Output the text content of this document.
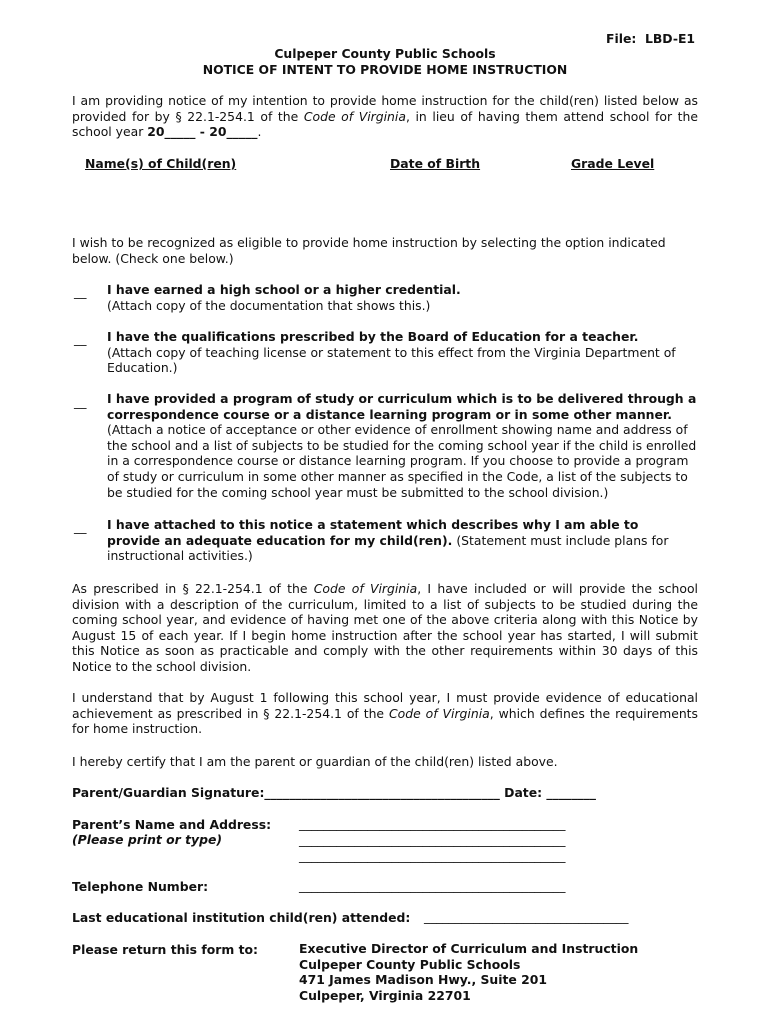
File: LBD-E1
Culpeper County Public Schools
NOTICE OF INTENT TO PROVIDE HOME INSTRUCTION
I am providing notice of my intention to provide home instruction for the child(ren) listed below as provided for by § 22.1-254.1 of the Code of Virginia, in lieu of having them attend school for the school year 20_____ - 20_____.
Name(s) of Child(ren)	Date of Birth	Grade Level
I wish to be recognized as eligible to provide home instruction by selecting the option indicated below. (Check one below.)
__ I have earned a high school or a higher credential.
(Attach copy of the documentation that shows this.)
__ I have the qualifications prescribed by the Board of Education for a teacher.
(Attach copy of teaching license or statement to this effect from the Virginia Department of Education.)
__ I have provided a program of study or curriculum which is to be delivered through a correspondence course or a distance learning program or in some other manner.
(Attach a notice of acceptance or other evidence of enrollment showing name and address of the school and a list of subjects to be studied for the coming school year if the child is enrolled in a correspondence course or distance learning program. If you choose to provide a program of study or curriculum in some other manner as specified in the Code, a list of the subjects to be studied for the coming school year must be submitted to the school division.)
__ I have attached to this notice a statement which describes why I am able to provide an adequate education for my child(ren). (Statement must include plans for instructional activities.)
As prescribed in § 22.1-254.1 of the Code of Virginia, I have included or will provide the school division with a description of the curriculum, limited to a list of subjects to be studied during the coming school year, and evidence of having met one of the above criteria along with this Notice by August 15 of each year. If I begin home instruction after the school year has started, I will submit this Notice as soon as practicable and comply with the other requirements within 30 days of this Notice to the school division.
I understand that by August 1 following this school year, I must provide evidence of educational achievement as prescribed in § 22.1-254.1 of the Code of Virginia, which defines the requirements for home instruction.
I hereby certify that I am the parent or guardian of the child(ren) listed above.
Parent/Guardian Signature:______________________________________ Date: ________
Parent’s Name and Address:
(Please print or type)
___________________________________________
___________________________________________
___________________________________________
Telephone Number:	___________________________________________
Last educational institution child(ren) attended: _________________________________
Please return this form to:	Executive Director of Curriculum and Instruction
Culpeper County Public Schools
471 James Madison Hwy., Suite 201
Culpeper, Virginia 22701
